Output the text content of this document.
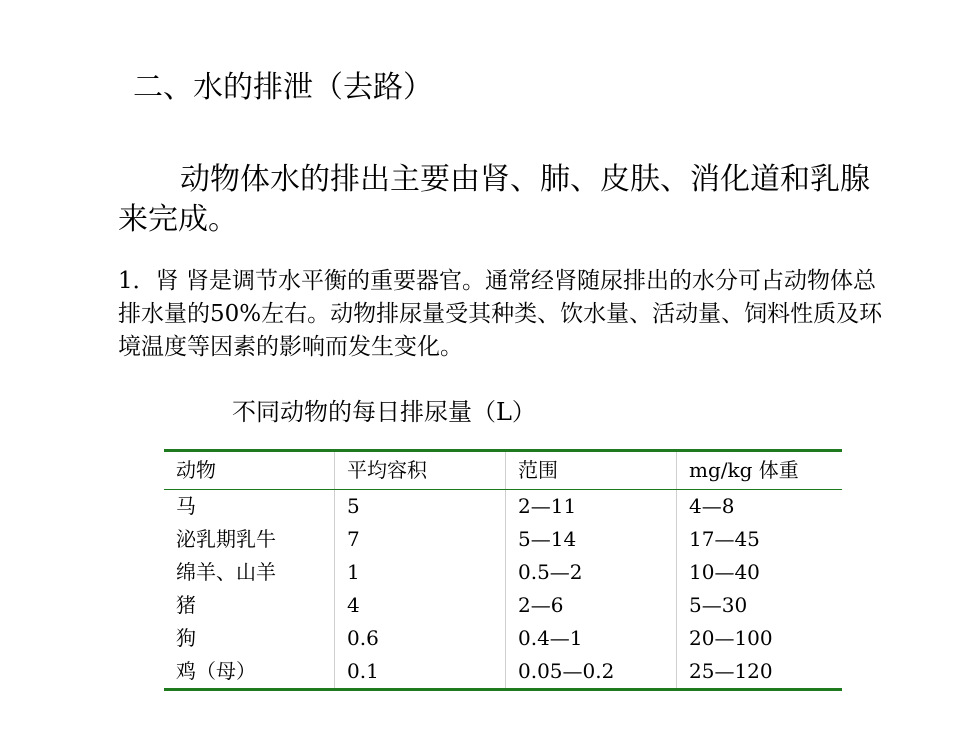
二、水的排泄（去路）
动物体水的排出主要由肾、肺、皮肤、消化道和乳腺来完成。
1．肾 肾是调节水平衡的重要器官。通常经肾随尿排出的水分可占动物体总排水量的50%左右。动物排尿量受其种类、饮水量、活动量、饲料性质及环境温度等因素的影响而发生变化。
不同动物的每日排尿量（L）
动物	平均容积	范围	mg/kg 体重
马	5	2—11	4—8
泌乳期乳牛	7	5—14	17—45
绵羊、山羊	1	0.5—2	10—40
猪	4	2—6	5—30
狗	0.6	0.4—1	20—100
鸡（母）	0.1	0.05—0.2	25—120
